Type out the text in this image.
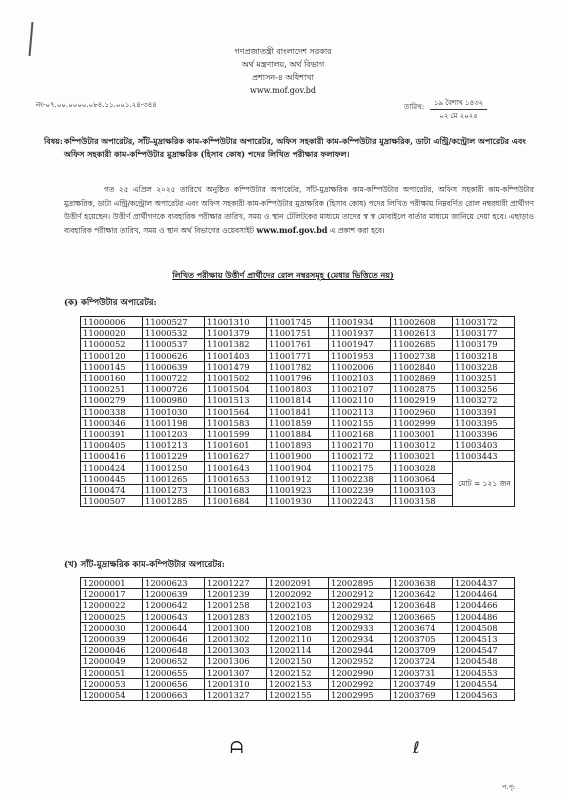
গণপ্রজাতন্ত্রী বাংলাদেশ সরকার
অর্থ মন্ত্রণালয়, অর্থ বিভাগ
প্রশাসন-৪ অধিশাখা
www.mof.gov.bd
নং-০৭.০০.০০০০.০৮৪.১১.০০১.২৪-৩৪৪	তারিখ:	১৯ বৈশাখ ১৪৩২
০২ মে ২০২৫
বিষয়: কম্পিউটার অপারেটর, সাঁট-মুদ্রাক্ষরিক কাম-কম্পিউটার অপারেটর, অফিস সহকারী কাম-কম্পিউটার মুদ্রাক্ষরিক, ডাটা এন্ট্রি/কন্ট্রোল অপারেটর এবং অফিস সহকারী কাম-কম্পিউটার মুদ্রাক্ষরিক (হিসাব কোষ) পদের লিখিত পরীক্ষার ফলাফল।
গত ২৫ এপ্রিল ২০২৫ তারিখে অনুষ্ঠিত কম্পিউটার অপারেটর, সাঁট-মুদ্রাক্ষরিক কাম-কম্পিউটার অপারেটর, অফিস সহকারী কাম-কম্পিউটার মুদ্রাক্ষরিক, ডাটা এন্ট্রি/কন্ট্রোল অপারেটর এবং অফিস সহকারী কাম-কম্পিউটার মুদ্রাক্ষরিক (হিসাব কোষ) পদের লিখিত পরীক্ষায় নিম্নবর্ণিত রোল নম্বরধারী প্রার্থীগণ উত্তীর্ণ হয়েছেন। উত্তীর্ণ প্রার্থীগণকে ব্যবহারিক পরীক্ষার তারিখ, সময় ও স্থান টেলিটকের মাধ্যমে তাদের স্ব স্ব মোবাইলে বার্তার মাধ্যমে জানিয়ে দেয়া হবে। এছাড়াও ব্যবহারিক পরীক্ষার তারিখ, সময় ও স্থান অর্থ বিভাগের ওয়েবসাইট www.mof.gov.bd এ প্রকাশ করা হবে।
লিখিত পরীক্ষায় উত্তীর্ণ প্রার্থীদের রোল নম্বরসমূহ (মেধার ভিত্তিতে নয়)
(ক) কম্পিউটার অপারেটর:
11000006	11000527	11001310	11001745	11001934	11002608	11003172
11000020	11000532	11001379	11001751	11001937	11002613	11003177
11000052	11000537	11001382	11001761	11001947	11002685	11003179
11000120	11000626	11001403	11001771	11001953	11002738	11003218
11000145	11000639	11001479	11001782	11002006	11002840	11003228
11000160	11000722	11001502	11001796	11002103	11002869	11003251
11000251	11000726	11001504	11001803	11002107	11002875	11003256
11000279	11000980	11001513	11001814	11002110	11002919	11003272
11000338	11001030	11001564	11001841	11002113	11002960	11003391
11000346	11001198	11001583	11001859	11002155	11002999	11003395
11000391	11001203	11001599	11001884	11002168	11003001	11003396
11000405	11001213	11001601	11001893	11002170	11003012	11003403
11000416	11001229	11001627	11001900	11002172	11003021	11003443
11000424	11001250	11001643	11001904	11002175	11003028	মোট = ১২১ জন
11000445	11001265	11001653	11001912	11002238	11003064	
11000474	11001273	11001683	11001923	11002239	11003103	
11000507	11001285	11001684	11001930	11002243	11003158	
(খ) সাঁট-মুদ্রাক্ষরিক কাম-কম্পিউটার অপারেটর:
12000001	12000623	12001227	12002091	12002895	12003638	12004437
12000017	12000639	12001239	12002092	12002912	12003642	12004464
12000022	12000642	12001258	12002103	12002924	12003648	12004466
12000025	12000643	12001283	12002105	12002932	12003665	12004486
12000030	12000644	12001300	12002108	12002933	12003674	12004508
12000039	12000646	12001302	12002110	12002934	12003705	12004513
12000046	12000648	12001303	12002114	12002944	12003709	12004547
12000049	12000652	12001306	12002150	12002952	12003724	12004548
12000051	12000655	12001307	12002152	12002990	12003731	12004553
12000053	12000656	12001310	12002153	12002992	12003749	12004554
12000054	12000663	12001327	12002155	12002995	12003769	12004563
ᗩ	ℓ
প.পৃ:
